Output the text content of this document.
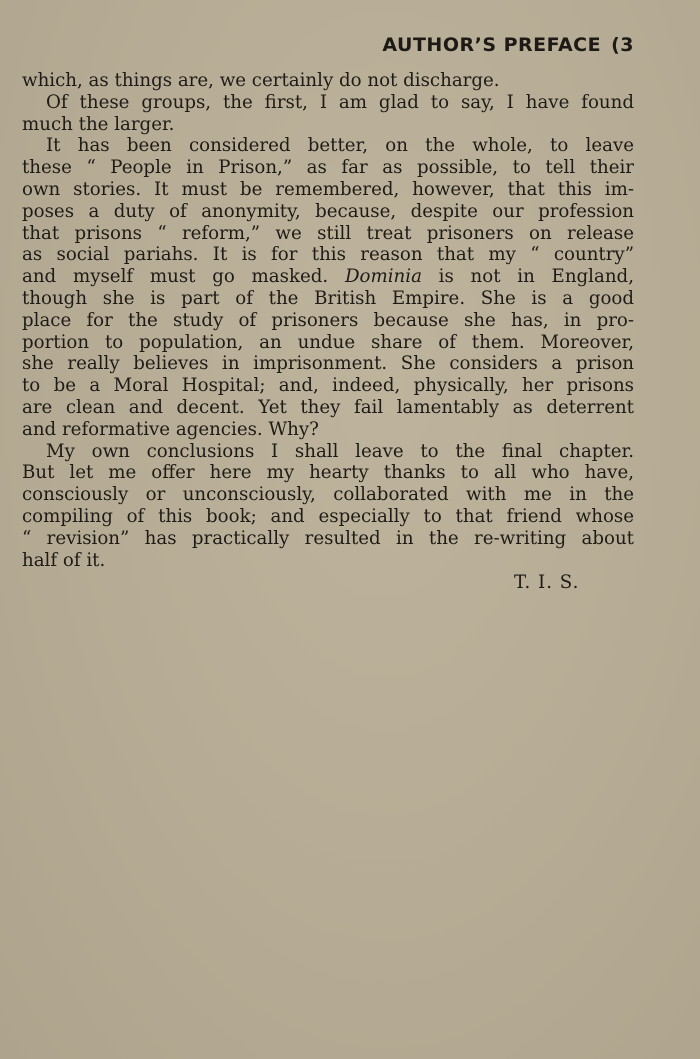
AUTHOR’S PREFACE (3
which, as things are, we certainly do not discharge.
Of these groups, the first, I am glad to say, I have found
much the larger.
It has been considered better, on the whole, to leave
these “ People in Prison,” as far as possible, to tell their
own stories. It must be remembered, however, that this im-
poses a duty of anonymity, because, despite our profession
that prisons “ reform,” we still treat prisoners on release
as social pariahs. It is for this reason that my “ country”
and myself must go masked. Dominia is not in England,
though she is part of the British Empire. She is a good
place for the study of prisoners because she has, in pro-
portion to population, an undue share of them. Moreover,
she really believes in imprisonment. She considers a prison
to be a Moral Hospital; and, indeed, physically, her prisons
are clean and decent. Yet they fail lamentably as deterrent
and reformative agencies. Why?
My own conclusions I shall leave to the final chapter.
But let me offer here my hearty thanks to all who have,
consciously or unconsciously, collaborated with me in the
compiling of this book; and especially to that friend whose
“ revision” has practically resulted in the re-writing about
half of it.
T. I. S.
